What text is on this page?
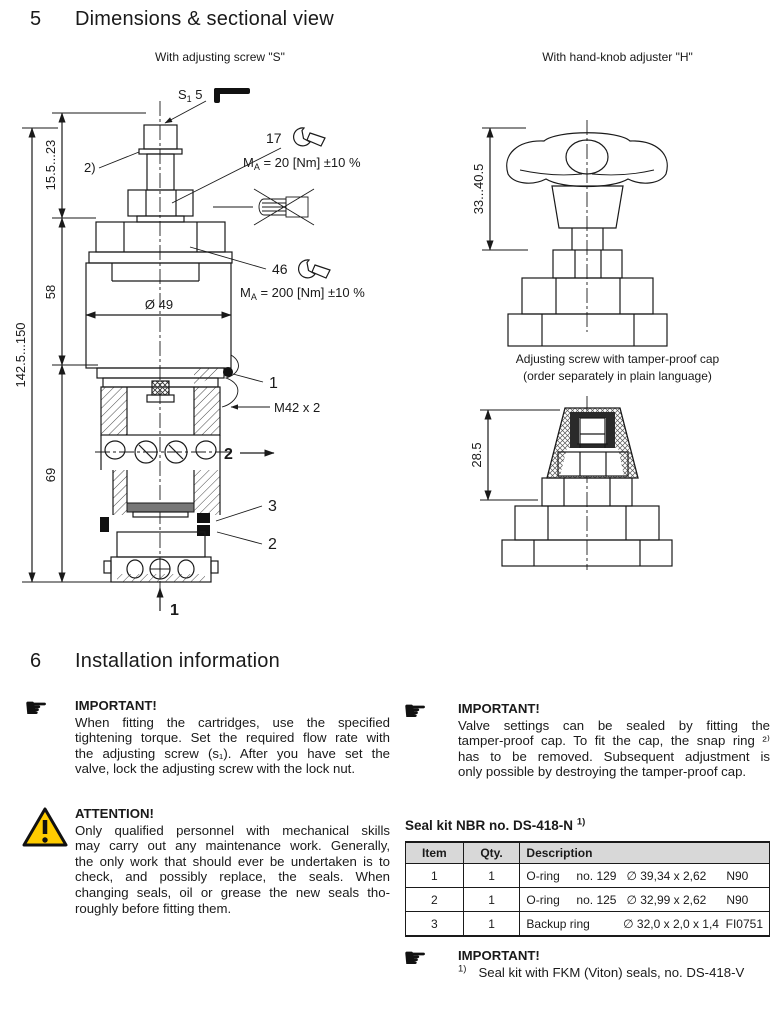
5 Dimensions & sectional view
With adjusting screw "S"	With hand-knob adjuster "H"
142.5...150
15.5...23
58
69
Ø 49
$S_1$ 5
2)
17
$M_A = 20$ [Nm] ±10 %
46
$M_A = 200$ [Nm] ±10 %
1
M42 x 2
2
3
2
1
33...40.5
Adjusting screw with tamper-proof cap
(order separately in plain language)
28.5
6 Installation information
☛	IMPORTANT!
When fitting the cartridges, use the specified
tightening torque. Set the required flow rate with
the adjusting screw (s₁). After you have set the
valve, lock the adjusting screw with the lock nut.
ATTENTION!
Only qualified personnel with mechanical skills
may carry out any maintenance work. Generally,
the only work that should ever be undertaken is to
check, and possibly replace, the seals. When
changing seals, oil or grease the new seals tho-
roughly before fitting them.
☛	IMPORTANT!
Valve settings can be sealed by fitting the
tamper-proof cap. To fit the cap, the snap ring ²⁾
has to be removed. Subsequent adjustment is
only possible by destroying the tamper-proof cap.
Seal kit NBR no. DS-418-N $^{1)}$
Item	Qty.	Description
1	1	O-ring     no. 129   ∅ 39,34 x 2,62      N90
2	1	O-ring     no. 125   ∅ 32,99 x 2,62      N90
3	1	Backup ring          ∅ 32,0 x 2,0 x 1,4  FI0751
☛	IMPORTANT!
$^{1)}$ Seal kit with FKM (Viton) seals, no. DS-418-V
